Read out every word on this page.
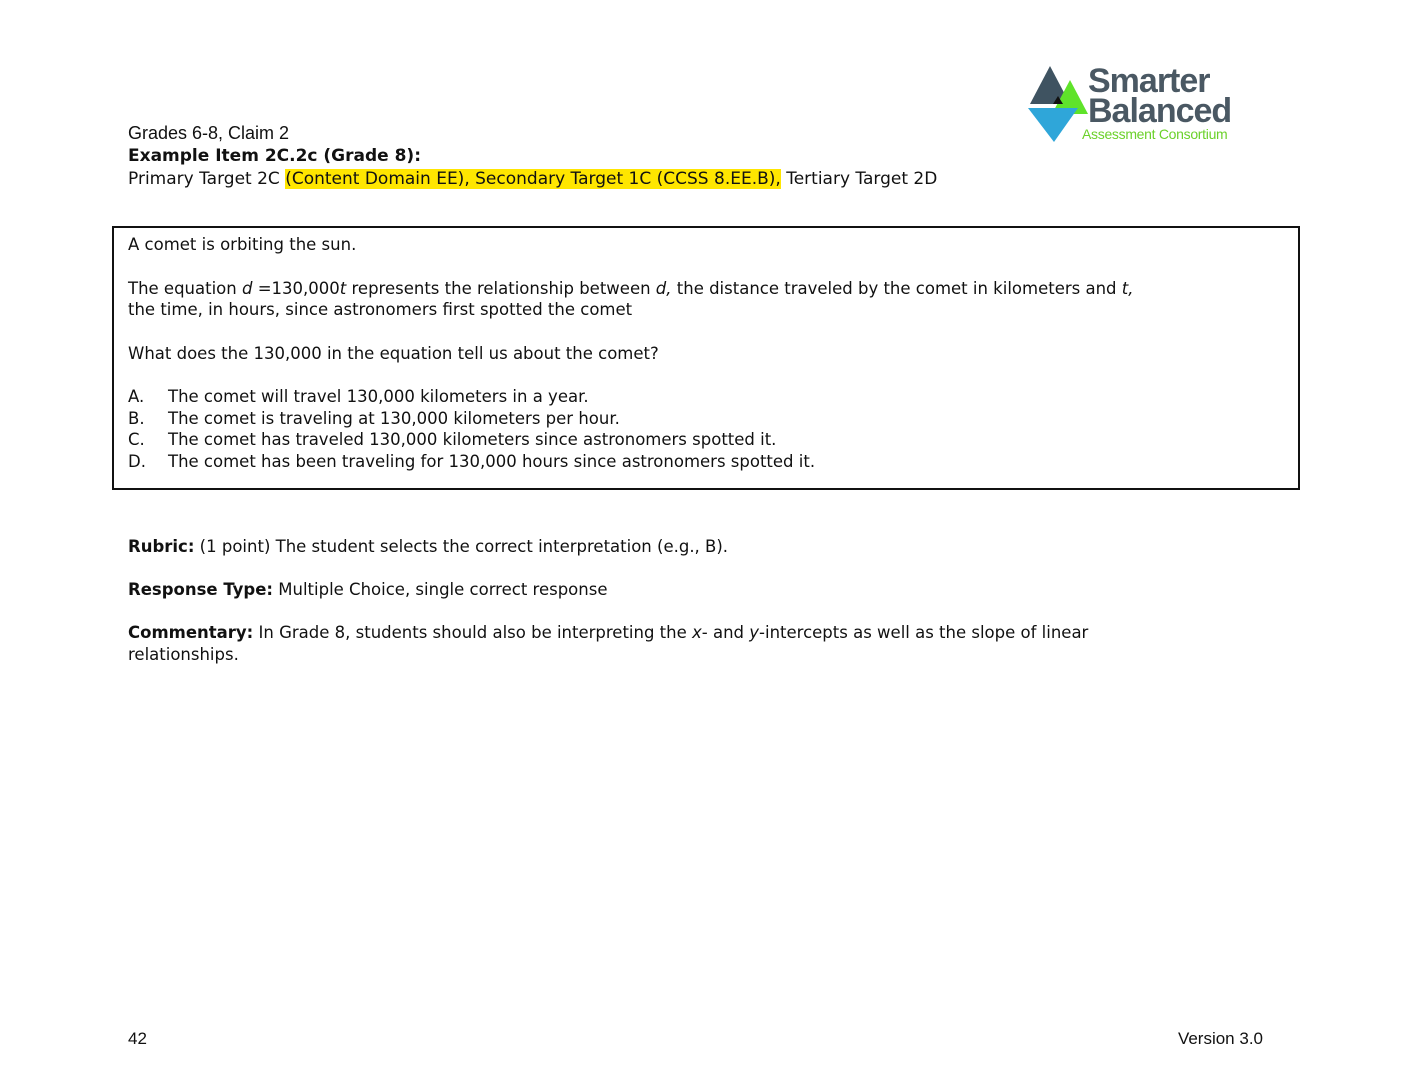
Grades 6-8, Claim 2
Example Item 2C.2c (Grade 8):
Primary Target 2C (Content Domain EE), Secondary Target 1C (CCSS 8.EE.B), Tertiary Target 2D
Smarter
Balanced
Assessment Consortium

A comet is orbiting the sun.

The equation d =130,000t represents the relationship between d, the distance traveled by the comet in kilometers and t,
the time, in hours, since astronomers first spotted the comet

What does the 130,000 in the equation tell us about the comet?

A.	The comet will travel 130,000 kilometers in a year.
B.	The comet is traveling at 130,000 kilometers per hour.
C.	The comet has traveled 130,000 kilometers since astronomers spotted it.
D.	The comet has been traveling for 130,000 hours since astronomers spotted it.

Rubric: (1 point) The student selects the correct interpretation (e.g., B).

Response Type: Multiple Choice, single correct response

Commentary: In Grade 8, students should also be interpreting the x- and y-intercepts as well as the slope of linear
relationships.

42	Version 3.0
